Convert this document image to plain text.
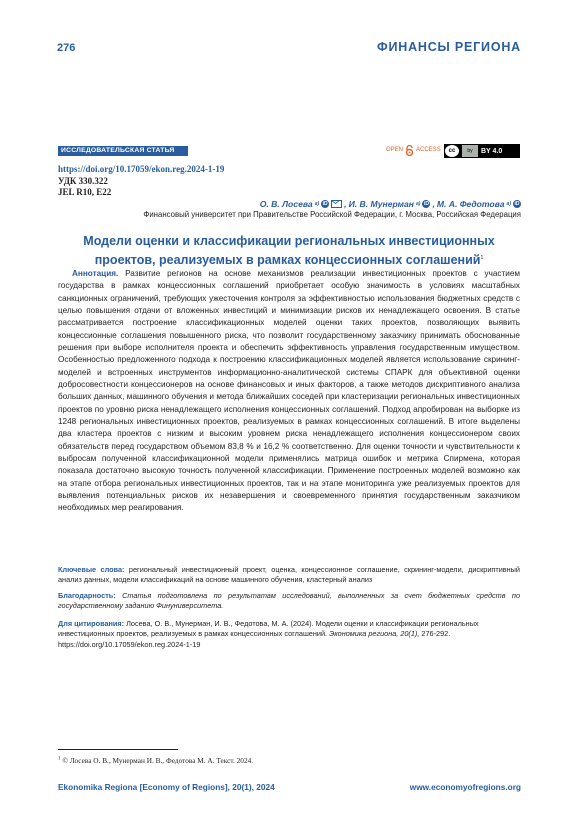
276	ФИНАНСЫ РЕГИОНА
ИССЛЕДОВАТЕЛЬСКАЯ СТАТЬЯ	OPEN ACCESS	cc	by	BY 4.0
https://doi.org/10.17059/ekon.reg.2024-1-19
УДК 330.322
JEL R10, E22
О. В. Лосева a) iD , И. В. Мунерман a) iD , М. А. Федотова a) iD
Финансовый университет при Правительстве Российской Федерации, г. Москва, Российская Федерация
Модели оценки и классификации региональных инвестиционных
проектов, реализуемых в рамках концессионных соглашений$^1$
Аннотация. Развитие регионов на основе механизмов реализации инвестиционных проектов с участием государства в рамках концессионных соглашений приобретает особую значимость в условиях масштабных санкционных ограничений, требующих ужесточения контроля за эффективностью использования бюджетных средств с целью повышения отдачи от вложенных инвестиций и минимизации рисков их ненадлежащего освоения. В статье рассматривается построение классификационных моделей оценки таких проектов, позволяющих выявить концессионные соглашения повышенного риска, что позволит государственному заказчику принимать обоснованные решения при выборе исполнителя проекта и обеспечить эффективность управления государственным имуществом. Особенностью предложенного подхода к построению классификационных моделей является использование скрининг-моделей и встроенных инструментов информационно-аналитической системы СПАРК для объективной оценки добросовестности концессионеров на основе финансовых и иных факторов, а также методов дискриптивного анализа больших данных, машинного обучения и метода ближайших соседей при кластеризации региональных инвестиционных проектов по уровню риска ненадлежащего исполнения концессионных соглашений. Подход апробирован на выборке из 1248 региональных инвестиционных проектов, реализуемых в рамках концессионных соглашений. В итоге выделены два кластера проектов с низким и высоким уровнем риска ненадлежащего исполнения концессионером своих обязательств перед государством объемом 83,8 % и 16,2 % соответственно. Для оценки точности и чувствительности к выбросам полученной классификационной модели применялись матрица ошибок и метрика Спирмена, которая показала достаточно высокую точность полученной классификации. Применение построенных моделей возможно как на этапе отбора региональных инвестиционных проектов, так и на этапе мониторинга уже реализуемых проектов для выявления потенциальных рисков их незавершения и своевременного принятия государственным заказчиком необходимых мер реагирования.
Ключевые слова: региональный инвестиционный проект, оценка, концессионное соглашение, скрининг-модели, дискриптивный анализ данных, модели классификаций на основе машинного обучения, кластерный анализ
Благодарность: Статья подготовлена по результатам исследований, выполненных за счет бюджетных средств по государственному заданию Финуниверситета.
Для цитирования: Лосева, О. В., Мунерман, И. В., Федотова, М. А. (2024). Модели оценки и классификации региональных инвестиционных проектов, реализуемых в рамках концессионных соглашений. Экономика региона, 20(1), 276-292. https://doi.org/10.17059/ekon.reg.2024-1-19
$^1$ © Лосева О. В., Мунерман И. В., Федотова М. А. Текст. 2024.
Ekonomika Regiona [Economy of Regions], 20(1), 2024	www.economyofregions.org
